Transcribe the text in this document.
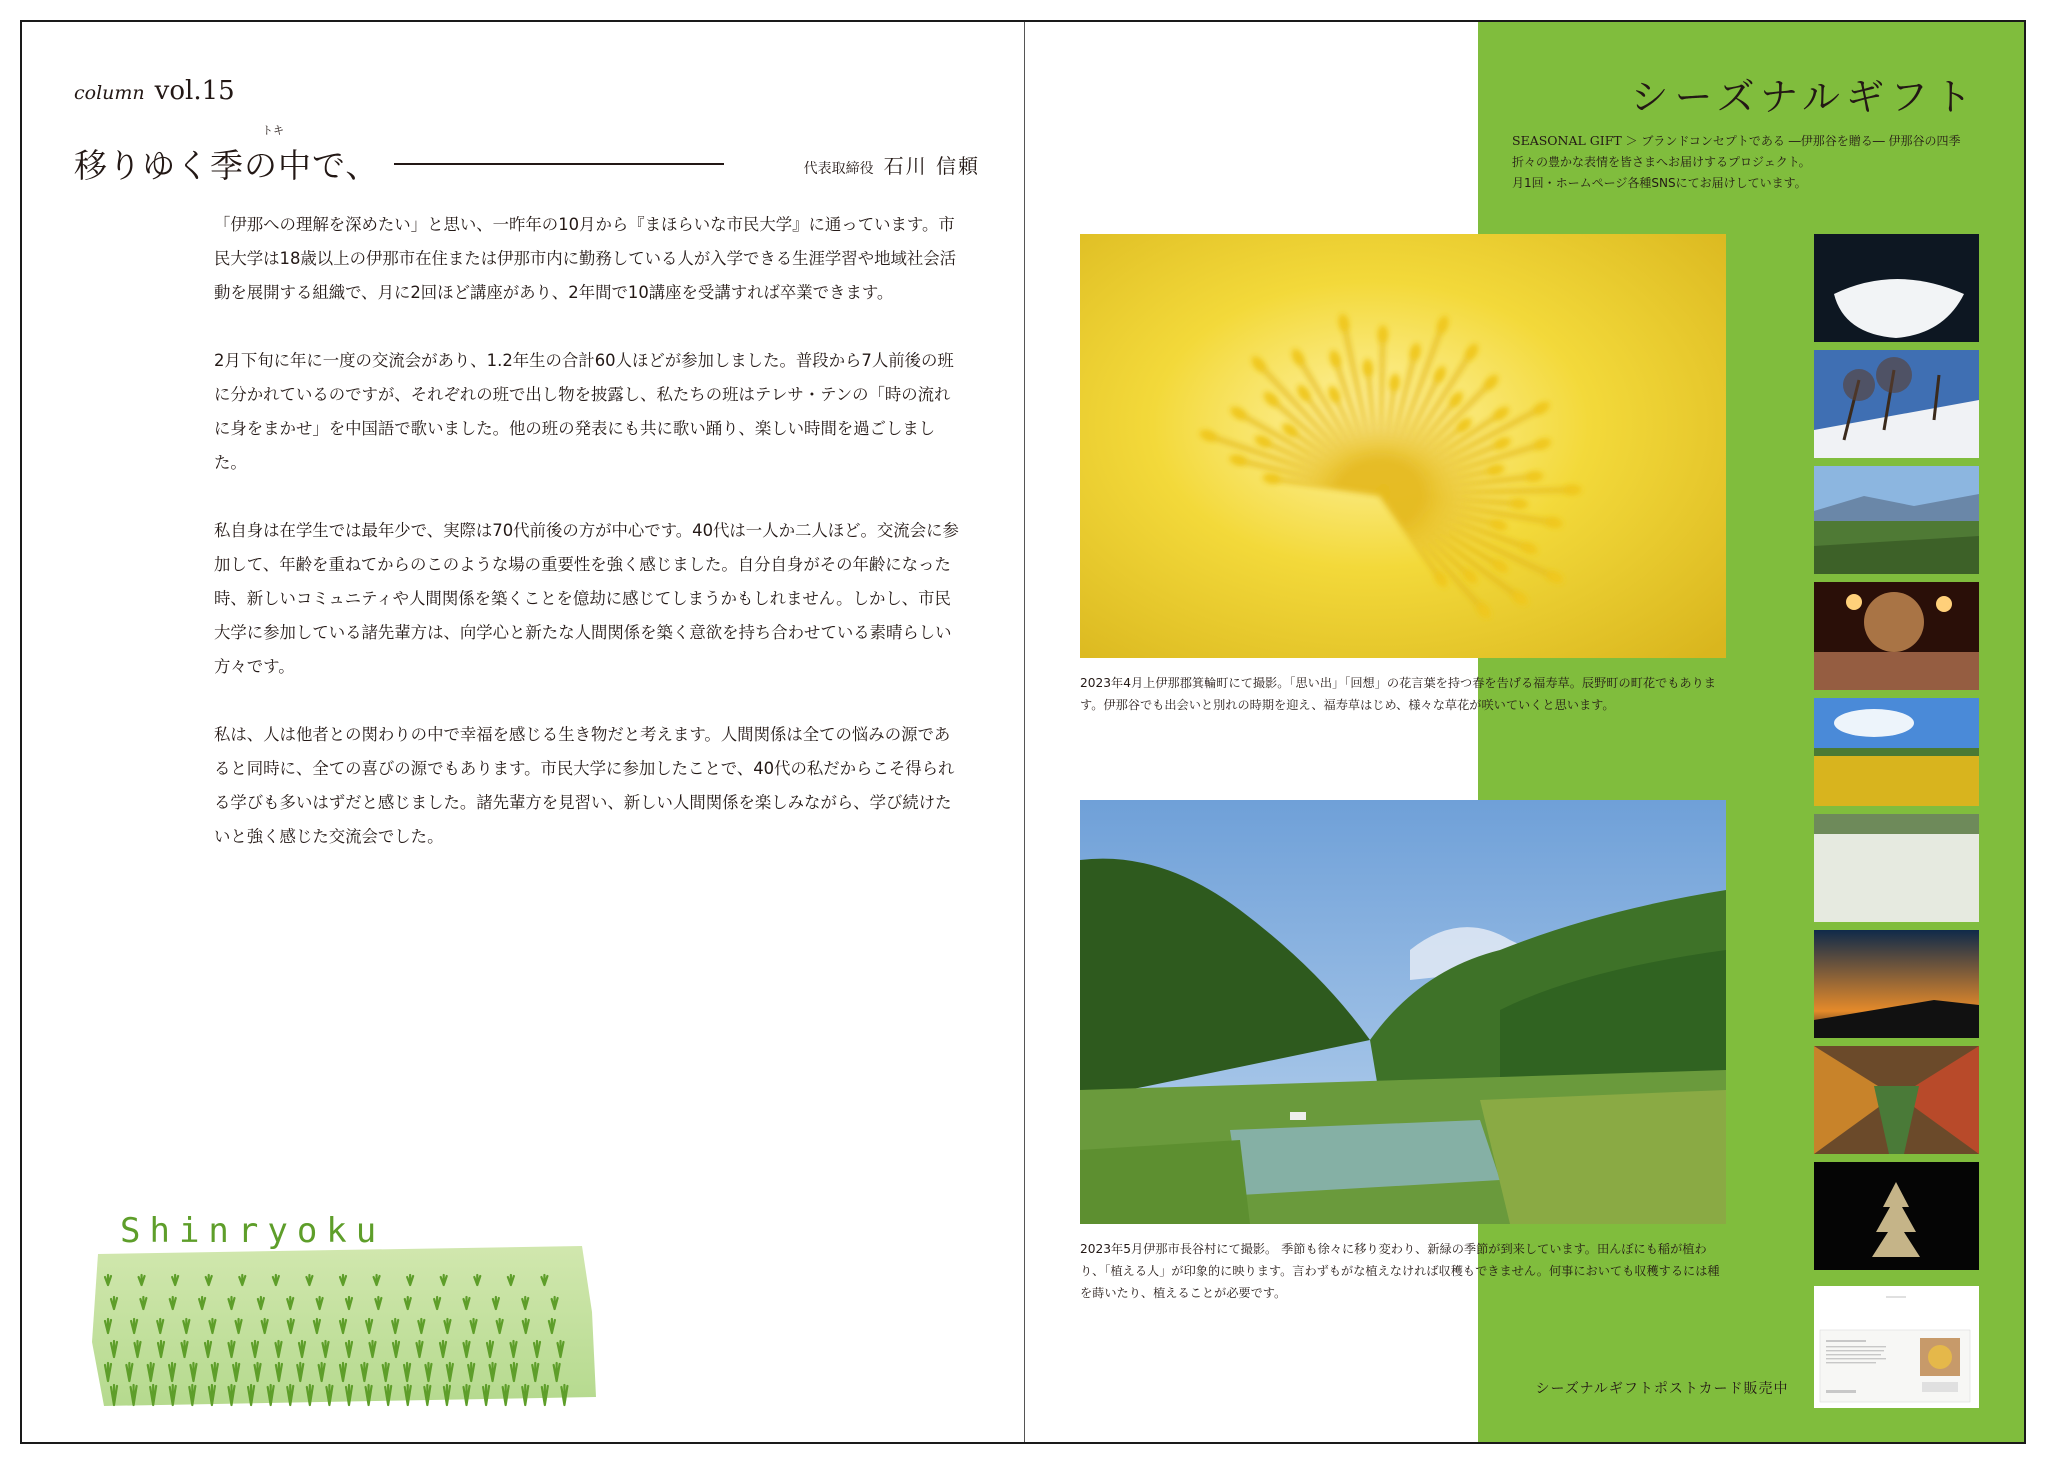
column vol.15
トキ
移りゆく季の中で、	代表取締役 石川 信頼

「伊那への理解を深めたい」と思い、一昨年の10月から『まほらいな市民大学』に通っています。市民大学は18歳以上の伊那市在住または伊那市内に勤務している人が入学できる生涯学習や地域社会活動を展開する組織で、月に2回ほど講座があり、2年間で10講座を受講すれば卒業できます。

2月下旬に年に一度の交流会があり、1.2年生の合計60人ほどが参加しました。普段から7人前後の班に分かれているのですが、それぞれの班で出し物を披露し、私たちの班はテレサ・テンの「時の流れに身をまかせ」を中国語で歌いました。他の班の発表にも共に歌い踊り、楽しい時間を過ごしました。

私自身は在学生では最年少で、実際は70代前後の方が中心です。40代は一人か二人ほど。交流会に参加して、年齢を重ねてからのこのような場の重要性を強く感じました。自分自身がその年齢になった時、新しいコミュニティや人間関係を築くことを億劫に感じてしまうかもしれません。しかし、市民大学に参加している諸先輩方は、向学心と新たな人間関係を築く意欲を持ち合わせている素晴らしい方々です。

私は、人は他者との関わりの中で幸福を感じる生き物だと考えます。人間関係は全ての悩みの源であると同時に、全ての喜びの源でもあります。市民大学に参加したことで、40代の私だからこそ得られる学びも多いはずだと感じました。諸先輩方を見習い、新しい人間関係を楽しみながら、学び続けたいと強く感じた交流会でした。

Shinryoku
シーズナルギフト
SEASONAL GIFT ＞ ブランドコンセプトである ―伊那谷を贈る― 伊那谷の四季折々の豊かな表情を皆さまへお届けするプロジェクト。
月1回・ホームページ各種SNSにてお届けしています。
2023年4月上伊那郡箕輪町にて撮影。「思い出」「回想」の花言葉を持つ春を告げる福寿草。辰野町の町花でもあります。伊那谷でも出会いと別れの時期を迎え、福寿草はじめ、様々な草花が咲いていくと思います。
2023年5月伊那市長谷村にて撮影。 季節も徐々に移り変わり、新緑の季節が到来しています。田んぼにも稲が植わり、「植える人」が印象的に映ります。言わずもがな植えなければ収穫もできません。何事においても収穫するには種を蒔いたり、植えることが必要です。
シーズナルギフトポストカード販売中
